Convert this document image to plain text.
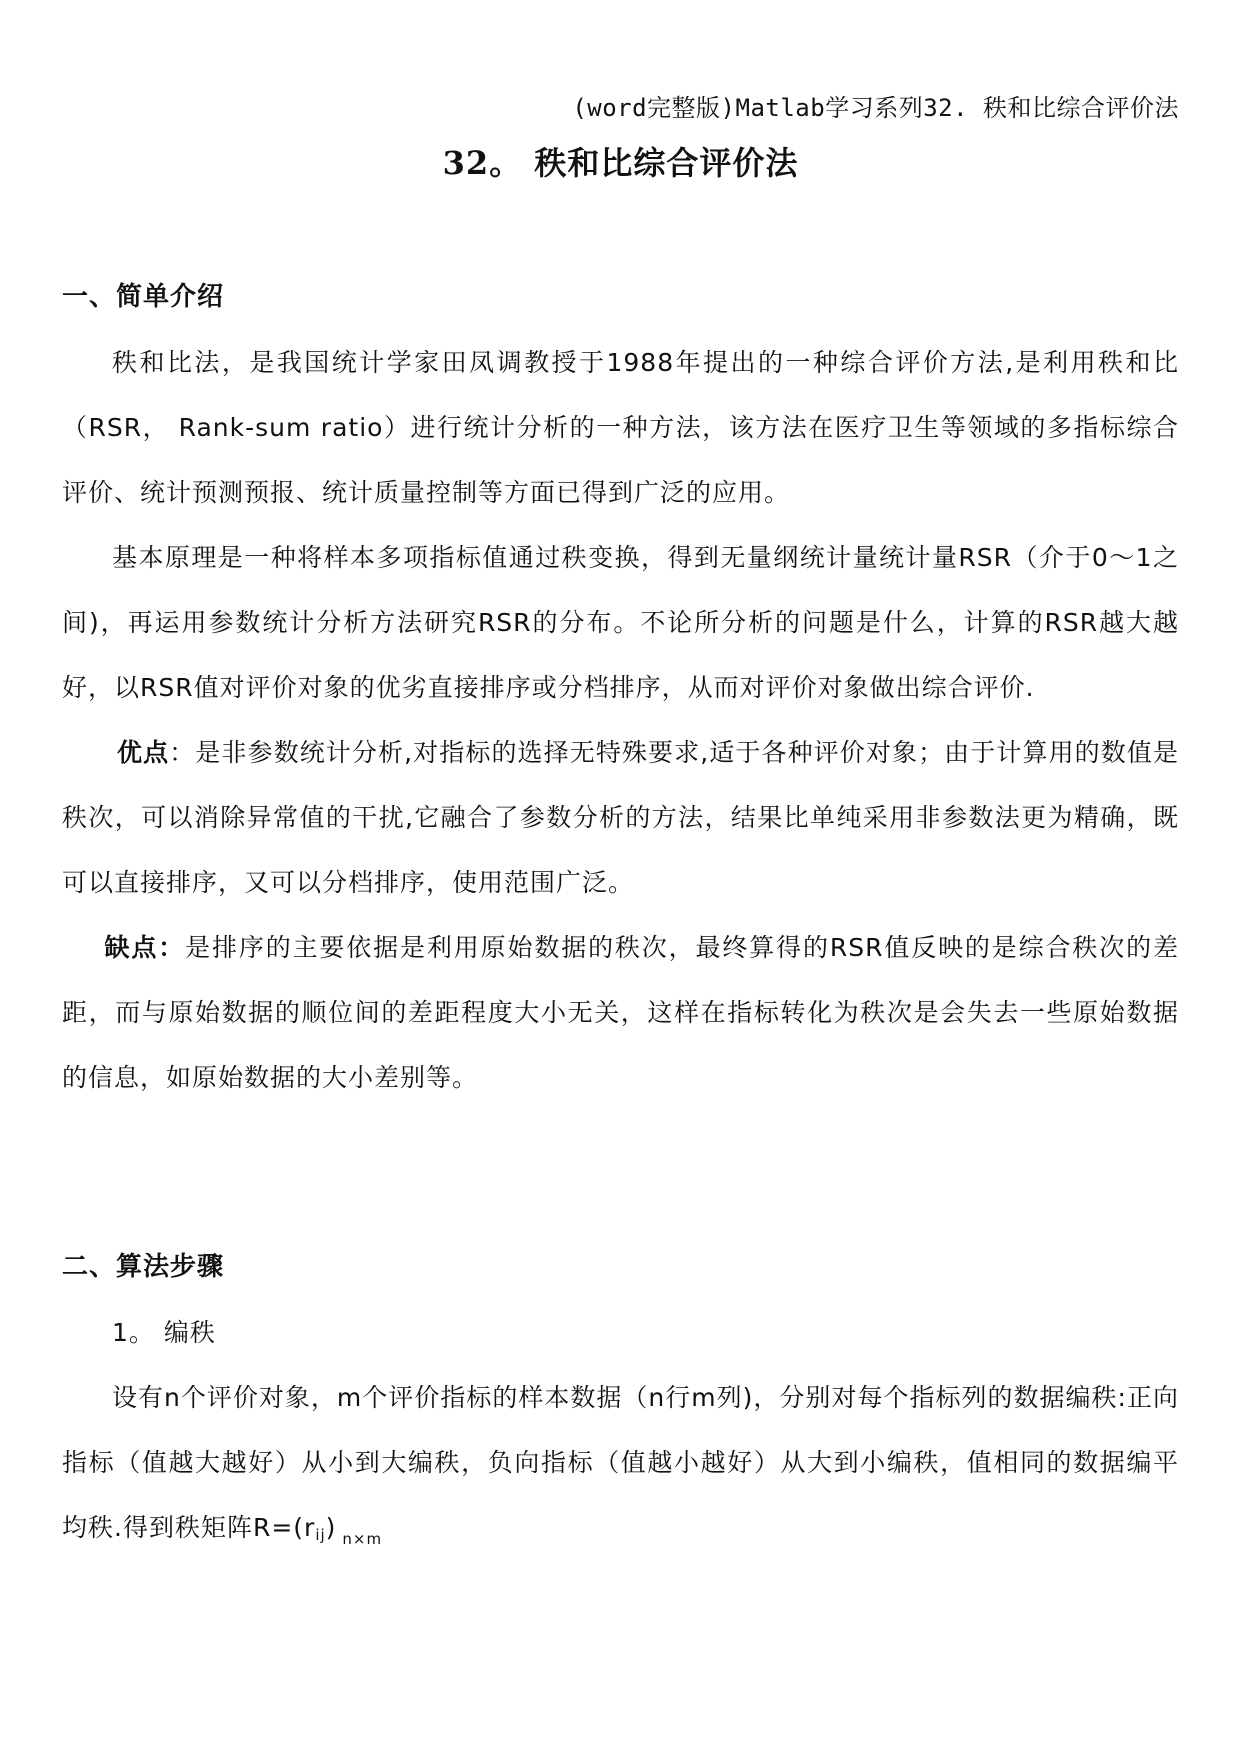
(word完整版)Matlab学习系列32. 秩和比综合评价法
32。 秩和比综合评价法

一、简单介绍

秩和比法，是我国统计学家田凤调教授于1988年提出的一种综合评价方法,是利用秩和比（RSR， Rank-sum ratio）进行统计分析的一种方法，该方法在医疗卫生等领域的多指标综合评价、统计预测预报、统计质量控制等方面已得到广泛的应用。

基本原理是一种将样本多项指标值通过秩变换，得到无量纲统计量统计量RSR（介于0～1之间)，再运用参数统计分析方法研究RSR的分布。不论所分析的问题是什么，计算的RSR越大越好，以RSR值对评价对象的优劣直接排序或分档排序，从而对评价对象做出综合评价.

优点：是非参数统计分析,对指标的选择无特殊要求,适于各种评价对象；由于计算用的数值是秩次，可以消除异常值的干扰,它融合了参数分析的方法，结果比单纯采用非参数法更为精确，既可以直接排序，又可以分档排序，使用范围广泛。

缺点：是排序的主要依据是利用原始数据的秩次，最终算得的RSR值反映的是综合秩次的差距，而与原始数据的顺位间的差距程度大小无关，这样在指标转化为秩次是会失去一些原始数据的信息，如原始数据的大小差别等。

二、算法步骤

1。 编秩

设有n个评价对象，m个评价指标的样本数据（n行m列)，分别对每个指标列的数据编秩:正向指标（值越大越好）从小到大编秩，负向指标（值越小越好）从大到小编秩，值相同的数据编平均秩.得到秩矩阵$R=(r_{ij})$ $_{n\times m}$
